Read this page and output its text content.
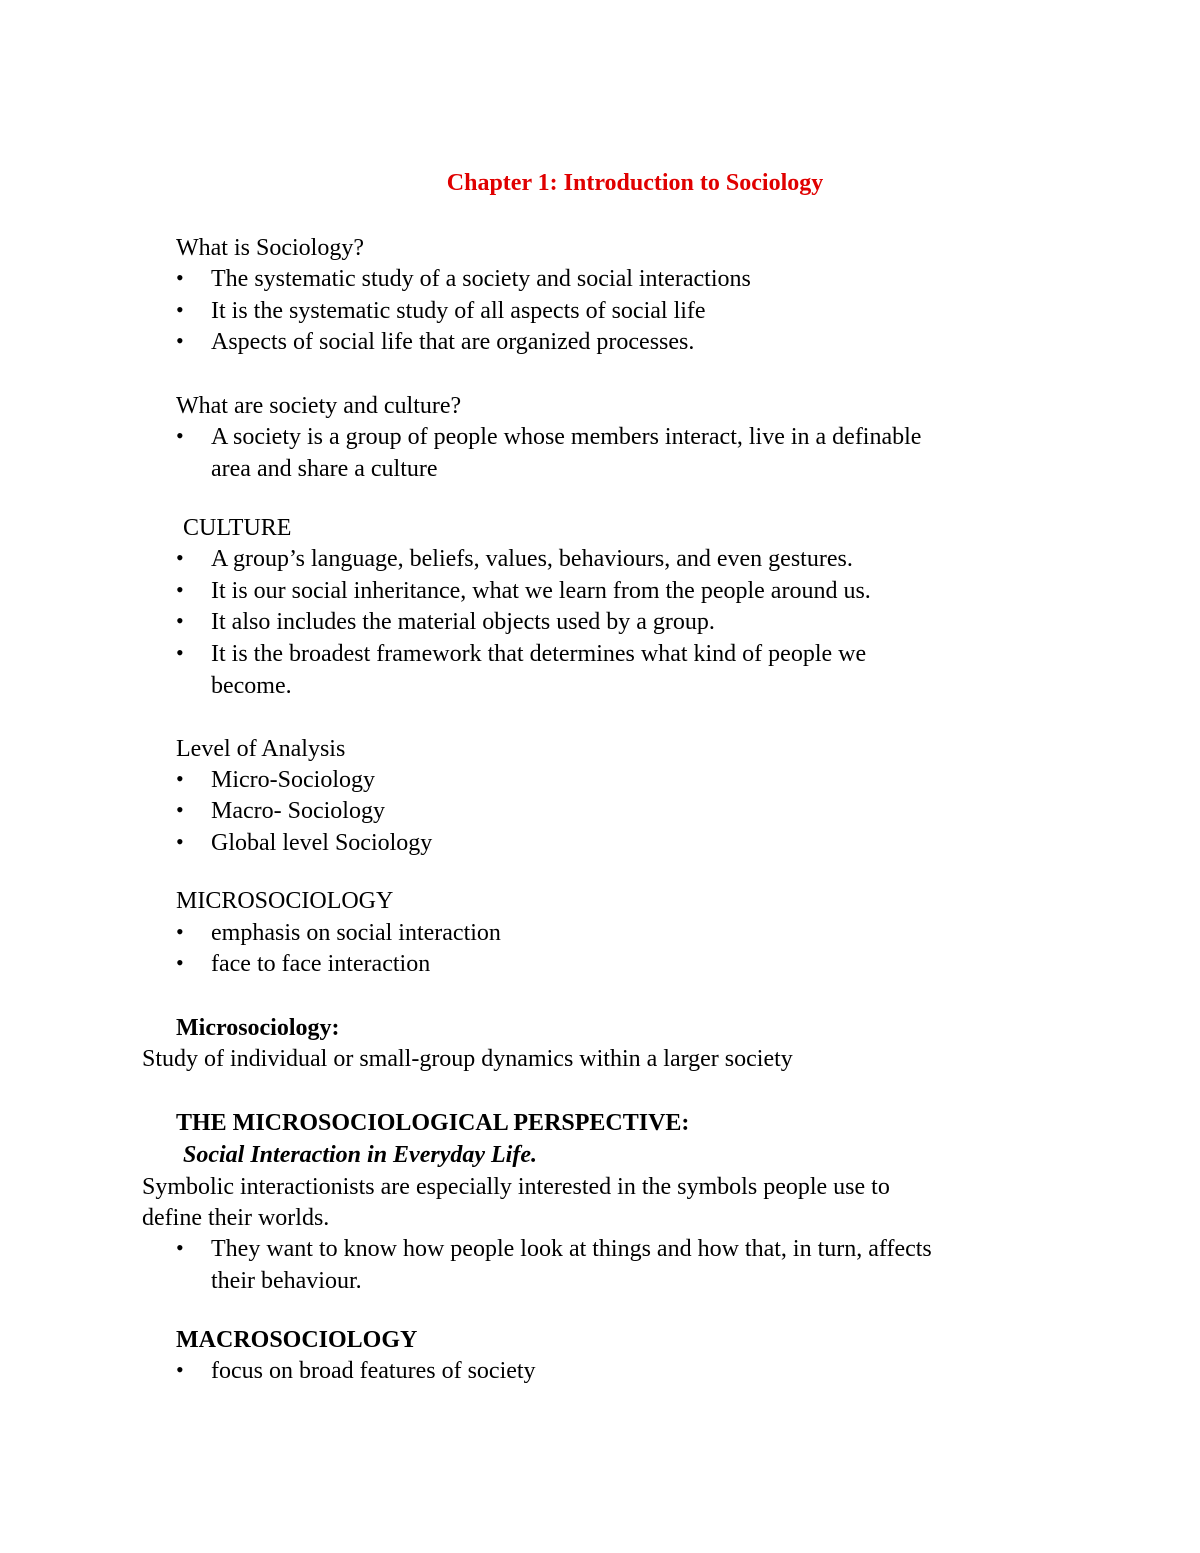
Chapter 1: Introduction to Sociology
What is Sociology?
• The systematic study of a society and social interactions
• It is the systematic study of all aspects of social life
• Aspects of social life that are organized processes.
What are society and culture?
• A society is a group of people whose members interact, live in a definable
area and share a culture
CULTURE
• A group’s language, beliefs, values, behaviours, and even gestures.
• It is our social inheritance, what we learn from the people around us.
• It also includes the material objects used by a group.
• It is the broadest framework that determines what kind of people we
become.
Level of Analysis
• Micro-Sociology
• Macro- Sociology
• Global level Sociology
MICROSOCIOLOGY
• emphasis on social interaction
• face to face interaction
Microsociology:
Study of individual or small-group dynamics within a larger society
THE MICROSOCIOLOGICAL PERSPECTIVE:
Social Interaction in Everyday Life.
Symbolic interactionists are especially interested in the symbols people use to
define their worlds.
• They want to know how people look at things and how that, in turn, affects
their behaviour.
MACROSOCIOLOGY
• focus on broad features of society
